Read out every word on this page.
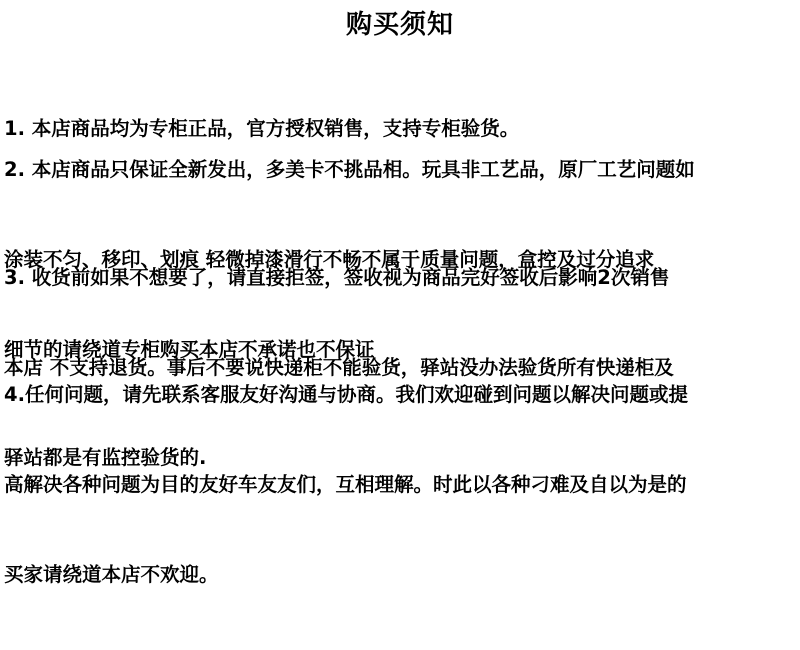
购买须知

1. 本店商品均为专柜正品，官方授权销售，支持专柜验货。

2. 本店商品只保证全新发出，多美卡不挑品相。玩具非工艺品，原厂工艺问题如

涂装不匀、移印、划痕 轻微掉漆滑行不畅不属于质量问题，盒控及过分追求

细节的请绕道专柜购买本店不承诺也不保证

3. 收货前如果不想要了，请直接拒签，签收视为商品完好签收后影响2次销售

本店 不支持退货。事后不要说快递柜不能验货，驿站没办法验货所有快递柜及

驿站都是有监控验货的.

4.任何问题，请先联系客服友好沟通与协商。我们欢迎碰到问题以解决问题或提

高解决各种问题为目的友好车友友们，互相理解。时此以各种刁难及自以为是的

买家请绕道本店不欢迎。
